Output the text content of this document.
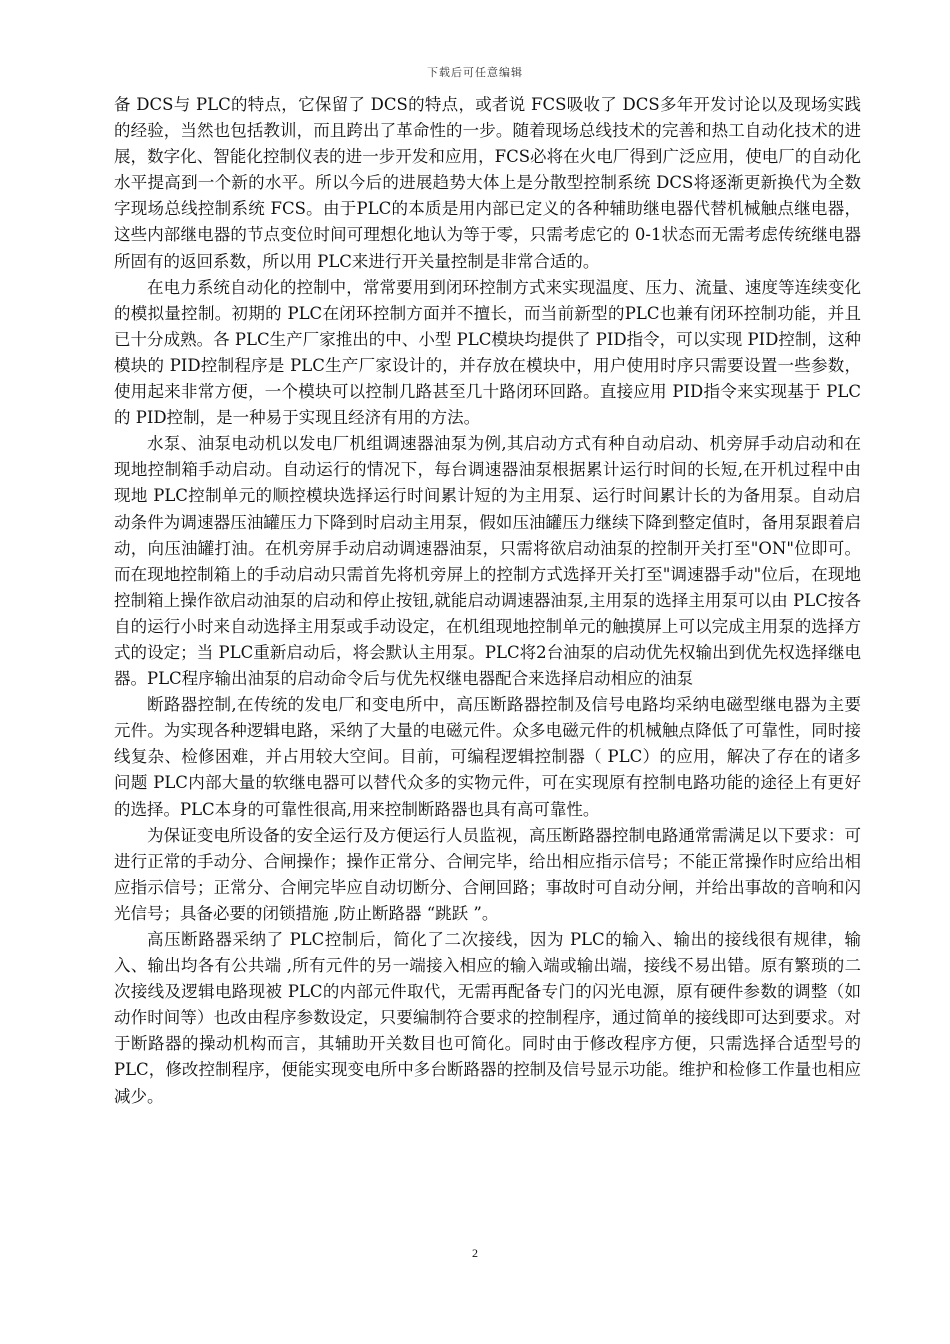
下载后可任意编辑

备 DCS与 PLC的特点，它保留了 DCS的特点，或者说 FCS吸收了 DCS多年开发讨论以及现场实践的经验，当然也包括教训，而且跨出了革命性的一步。随着现场总线技术的完善和热工自动化技术的进展，数字化、智能化控制仪表的进一步开发和应用，FCS必将在火电厂得到广泛应用，使电厂的自动化水平提高到一个新的水平。所以今后的进展趋势大体上是分散型控制系统 DCS将逐渐更新换代为全数字现场总线控制系统 FCS。由于PLC的本质是用内部已定义的各种辅助继电器代替机械触点继电器，这些内部继电器的节点变位时间可理想化地认为等于零，只需考虑它的 0-1状态而无需考虑传统继电器所固有的返回系数，所以用 PLC来进行开关量控制是非常合适的。

在电力系统自动化的控制中，常常要用到闭环控制方式来实现温度、压力、流量、速度等连续变化的模拟量控制。初期的 PLC在闭环控制方面并不擅长，而当前新型的PLC也兼有闭环控制功能，并且已十分成熟。各 PLC生产厂家推出的中、小型 PLC模块均提供了 PID指令，可以实现 PID控制，这种模块的 PID控制程序是 PLC生产厂家设计的，并存放在模块中，用户使用时序只需要设置一些参数，使用起来非常方便，一个模块可以控制几路甚至几十路闭环回路。直接应用 PID指令来实现基于 PLC的 PID控制，是一种易于实现且经济有用的方法。

水泵、油泵电动机以发电厂机组调速器油泵为例,其启动方式有种自动启动、机旁屏手动启动和在现地控制箱手动启动。自动运行的情况下，每台调速器油泵根据累计运行时间的长短,在开机过程中由现地 PLC控制单元的顺控模块选择运行时间累计短的为主用泵、运行时间累计长的为备用泵。自动启动条件为调速器压油罐压力下降到时启动主用泵，假如压油罐压力继续下降到整定值时，备用泵跟着启动，向压油罐打油。在机旁屏手动启动调速器油泵，只需将欲启动油泵的控制开关打至"ON"位即可。而在现地控制箱上的手动启动只需首先将机旁屏上的控制方式选择开关打至"调速器手动"位后，在现地控制箱上操作欲启动油泵的启动和停止按钮,就能启动调速器油泵,主用泵的选择主用泵可以由 PLC按各自的运行小时来自动选择主用泵或手动设定，在机组现地控制单元的触摸屏上可以完成主用泵的选择方式的设定；当 PLC重新启动后，将会默认主用泵。PLC将2台油泵的启动优先权输出到优先权选择继电器。PLC程序输出油泵的启动命令后与优先权继电器配合来选择启动相应的油泵

断路器控制,在传统的发电厂和变电所中，高压断路器控制及信号电路均采纳电磁型继电器为主要元件。为实现各种逻辑电路，采纳了大量的电磁元件。众多电磁元件的机械触点降低了可靠性，同时接线复杂、检修困难，并占用较大空间。目前，可编程逻辑控制器（ PLC）的应用，解决了存在的诸多问题 PLC内部大量的软继电器可以替代众多的实物元件，可在实现原有控制电路功能的途径上有更好的选择。PLC本身的可靠性很高,用来控制断路器也具有高可靠性。

为保证变电所设备的安全运行及方便运行人员监视，高压断路器控制电路通常需满足以下要求：可进行正常的手动分、合闸操作；操作正常分、合闸完毕，给出相应指示信号；不能正常操作时应给出相应指示信号；正常分、合闸完毕应自动切断分、合闸回路；事故时可自动分闸，并给出事故的音响和闪光信号；具备必要的闭锁措施 ,防止断路器 “跳跃 ”。

高压断路器采纳了 PLC控制后，简化了二次接线，因为 PLC的输入、输出的接线很有规律，输入、输出均各有公共端 ,所有元件的另一端接入相应的输入端或输出端，接线不易出错。原有繁琐的二次接线及逻辑电路现被 PLC的内部元件取代，无需再配备专门的闪光电源，原有硬件参数的调整（如动作时间等）也改由程序参数设定，只要编制符合要求的控制程序，通过简单的接线即可达到要求。对于断路器的操动机构而言，其辅助开关数目也可简化。同时由于修改程序方便，只需选择合适型号的 PLC，修改控制程序，便能实现变电所中多台断路器的控制及信号显示功能。维护和检修工作量也相应减少。

2
